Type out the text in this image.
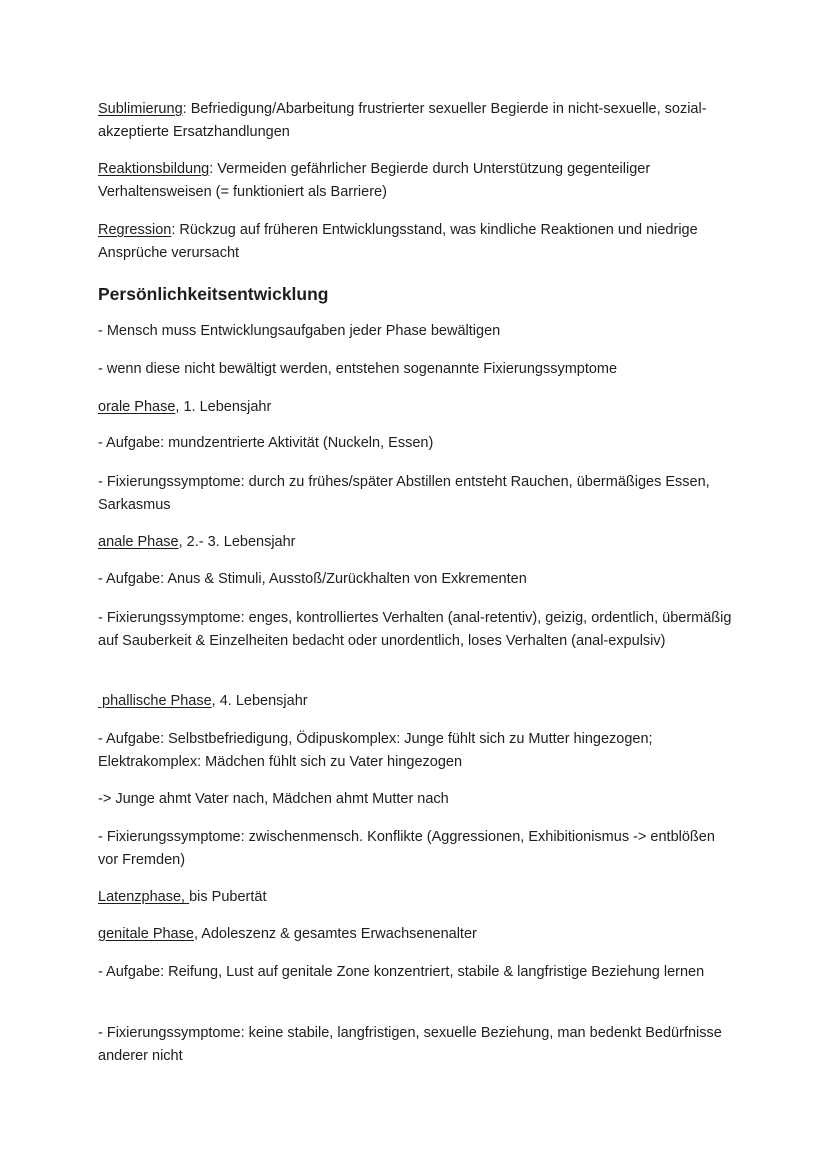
Sublimierung: Befriedigung/Abarbeitung frustrierter sexueller Begierde in nicht-sexuelle, sozial-akzeptierte Ersatzhandlungen

Reaktionsbildung: Vermeiden gefährlicher Begierde durch Unterstützung gegenteiliger Verhaltensweisen (= funktioniert als Barriere)

Regression: Rückzug auf früheren Entwicklungsstand, was kindliche Reaktionen und niedrige Ansprüche verursacht

Persönlichkeitsentwicklung

- Mensch muss Entwicklungsaufgaben jeder Phase bewältigen

- wenn diese nicht bewältigt werden, entstehen sogenannte Fixierungssymptome

orale Phase, 1. Lebensjahr

- Aufgabe: mundzentrierte Aktivität (Nuckeln, Essen)

- Fixierungssymptome: durch zu frühes/später Abstillen entsteht Rauchen, übermäßiges Essen, Sarkasmus

anale Phase, 2.- 3. Lebensjahr

- Aufgabe: Anus & Stimuli, Ausstoß/Zurückhalten von Exkrementen

- Fixierungssymptome: enges, kontrolliertes Verhalten (anal-retentiv), geizig, ordentlich, übermäßig auf Sauberkeit & Einzelheiten bedacht oder unordentlich, loses Verhalten (anal-expulsiv)

phallische Phase, 4. Lebensjahr

- Aufgabe: Selbstbefriedigung, Ödipuskomplex: Junge fühlt sich zu Mutter hingezogen; Elektrakomplex: Mädchen fühlt sich zu Vater hingezogen

-> Junge ahmt Vater nach, Mädchen ahmt Mutter nach

- Fixierungssymptome: zwischenmensch. Konflikte (Aggressionen, Exhibitionismus -> entblößen vor Fremden)

Latenzphase, bis Pubertät

genitale Phase, Adoleszenz & gesamtes Erwachsenenalter

- Aufgabe: Reifung, Lust auf genitale Zone konzentriert, stabile & langfristige Beziehung lernen

- Fixierungssymptome: keine stabile, langfristigen, sexuelle Beziehung, man bedenkt Bedürfnisse anderer nicht
